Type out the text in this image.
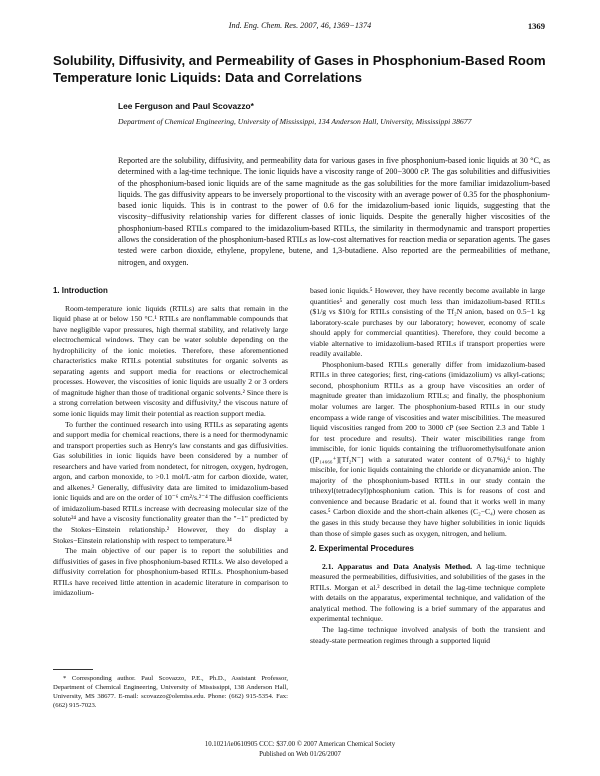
Ind. Eng. Chem. Res. 2007, 46, 1369−1374	1369
Solubility, Diffusivity, and Permeability of Gases in Phosphonium-Based Room Temperature Ionic Liquids: Data and Correlations
Lee Ferguson and Paul Scovazzo*
Department of Chemical Engineering, University of Mississippi, 134 Anderson Hall, University, Mississippi 38677

Reported are the solubility, diffusivity, and permeability data for various gases in five phosphonium-based ionic liquids at 30 °C, as determined with a lag-time technique. The ionic liquids have a viscosity range of 200−3000 cP. The gas solubilities and diffusivities of the phosphonium-based ionic liquids are of the same magnitude as the gas solubilities for the more familiar imidazolium-based liquids. The gas diffusivity appears to be inversely proportional to the viscosity with an average power of 0.35 for the phosphonium-based ionic liquids. This is in contrast to the power of 0.6 for the imidazolium-based ionic liquids, suggesting that the viscosity−diffusivity relationship varies for different classes of ionic liquids. Despite the generally higher viscosities of the phosphonium-based RTILs compared to the imidazolium-based RTILs, the similarity in thermodynamic and transport properties allows the consideration of the phosphonium-based RTILs as low-cost alternatives for reaction media or separation agents. The gases tested were carbon dioxide, ethylene, propylene, butene, and 1,3-butadiene. Also reported are the permeabilities of methane, nitrogen, and oxygen.

1. Introduction

Room-temperature ionic liquids (RTILs) are salts that remain in the liquid phase at or below 150 °C.¹ RTILs are nonflammable compounds that have negligible vapor pressures, high thermal stability, and relatively large electrochemical windows. They can be water soluble depending on the hydrophilicity of the ionic moieties. Therefore, these aforementioned characteristics make RTILs potential substitutes for organic solvents as separating agents and support media for reactions or electrochemical processes. However, the viscosities of ionic liquids are usually 2 or 3 orders of magnitude higher than those of traditional organic solvents.² Since there is a strong correlation between viscosity and diffusivity,² the viscous nature of some ionic liquids may limit their potential as reaction support media.

To further the continued research into using RTILs as separating agents and support media for chemical reactions, there is a need for thermodynamic and transport properties such as Henry's law constants and gas diffusivities. Gas solubilities in ionic liquids have been considered by a number of researchers and have varied from nondetect, for nitrogen, oxygen, hydrogen, argon, and carbon monoxide, to >0.1 mol/L·atm for carbon dioxide, water, and alkenes.² Generally, diffusivity data are limited to imidazolium-based ionic liquids and are on the order of 10⁻⁶ cm²/s.²⁻⁴ The diffusion coefficients of imidazolium-based RTILs increase with decreasing molecular size of the solute²⁴ and have a viscosity functionality greater than the "−1" predicted by the Stokes−Einstein relationship.² However, they do display a Stokes−Einstein relationship with respect to temperature.³⁴

The main objective of our paper is to report the solubilities and diffusivities of gases in five phosphonium-based RTILs. We also developed a diffusivity correlation for phosphonium-based RTILs. Phosphonium-based RTILs have received little attention in academic literature in comparison to imidazolium-

* Corresponding author. Paul Scovazzo, P.E., Ph.D., Assistant Professor, Department of Chemical Engineering, University of Mississippi, 138 Anderson Hall, University, MS 38677. E-mail: scovazzo@olemiss.edu. Phone: (662) 915-5354. Fax: (662) 915-7023.

based ionic liquids.⁵ However, they have recently become available in large quantities⁵ and generally cost much less than imidazolium-based RTILs ($1/g vs $10/g for RTILs consisting of the Tf₂N anion, based on 0.5−1 kg laboratory-scale purchases by our laboratory; however, economy of scale should apply for commercial quantities). Therefore, they could become a viable alternative to imidazolium-based RTILs if transport properties were readily available.

Phosphonium-based RTILs generally differ from imidazolium-based RTILs in three categories; first, ring-cations (imidazolium) vs alkyl-cations; second, phosphonium RTILs as a group have viscosities an order of magnitude greater than imidazolium RTILs; and finally, the phosphonium molar volumes are larger. The phosphonium-based RTILs in our study encompass a wide range of viscosities and water miscibilities. The measured liquid viscosities ranged from 200 to 3000 cP (see Section 2.3 and Table 1 for test procedure and results). Their water miscibilities range from immiscible, for ionic liquids containing the trifluoromethylsulfonate anion ([P₁₄₆₆₆⁺][Tf₂N⁻] with a saturated water content of 0.7%),⁶ to highly miscible, for ionic liquids containing the chloride or dicyanamide anion. The majority of the phosphonium-based RTILs in our study contain the trihexyl(tetradecyl)phosphonium cation. This is for reasons of cost and convenience and because Bradaric et al. found that it works well in many cases.⁵ Carbon dioxide and the short-chain alkenes (C₂−C₄) were chosen as the gases in this study because they have higher solubilities in ionic liquids than those of simple gases such as oxygen, nitrogen, and helium.

2. Experimental Procedures

2.1. Apparatus and Data Analysis Method. A lag-time technique measured the permeabilities, diffusivities, and solubilities of the gases in the RTILs. Morgan et al.² described in detail the lag-time technique complete with details on the apparatus, experimental technique, and validation of the analytical method. The following is a brief summary of the apparatus and experimental technique.

The lag-time technique involved analysis of both the transient and steady-state permeation regimes through a supported liquid

10.1021/ie0610905 CCC: $37.00 © 2007 American Chemical Society
Published on Web 01/26/2007
